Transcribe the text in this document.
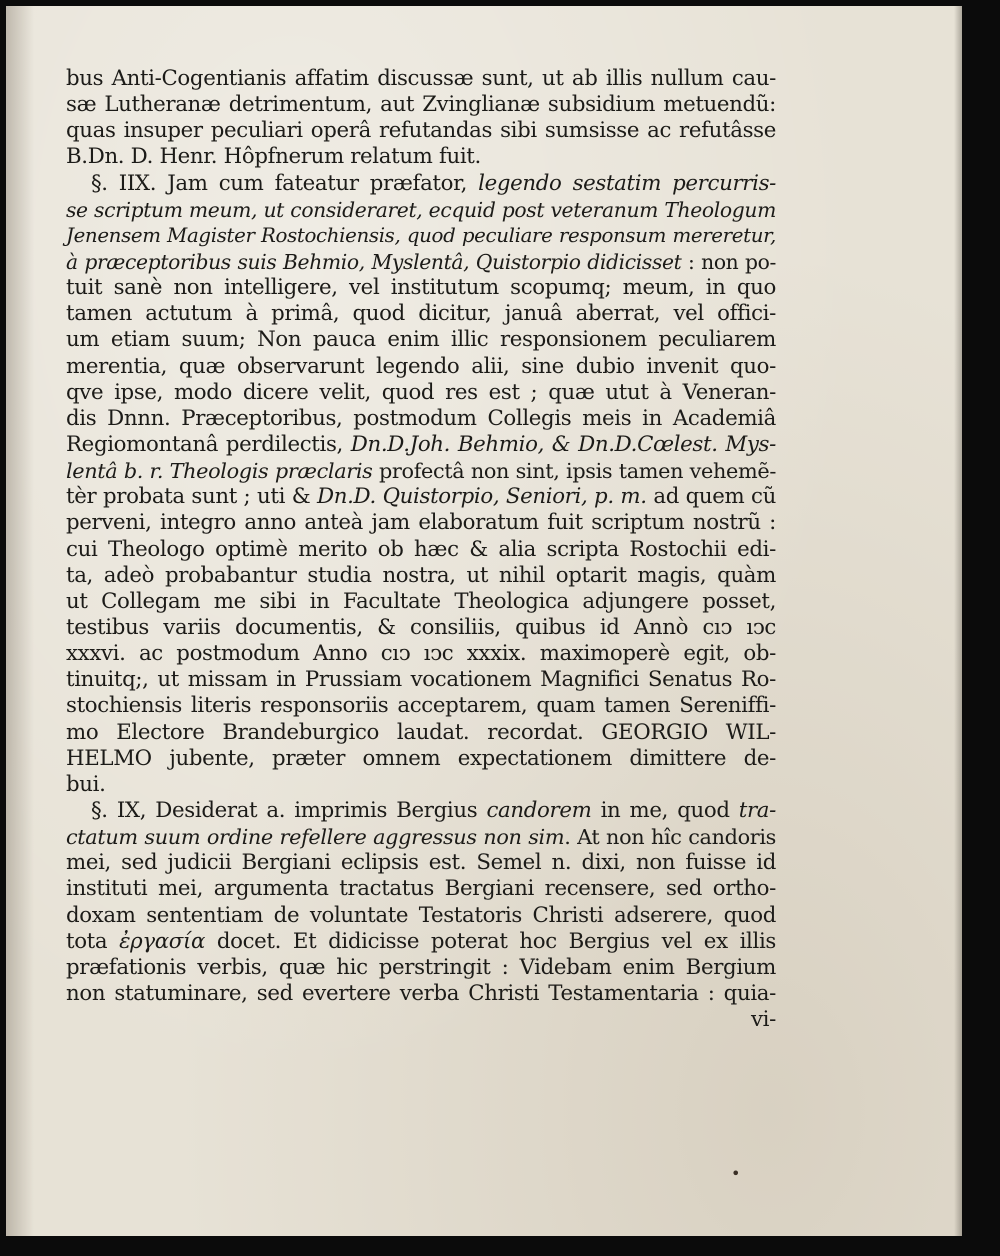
bus Anti-Cogentianis affatim discussæ sunt, ut ab illis nullum cau-
sæ Lutheranæ detrimentum, aut Zvinglianæ subsidium metuendũ:
quas insuper peculiari operâ refutandas sibi sumsisse ac refutâsse
B.Dn. D. Henr. Hôpfnerum relatum fuit.
§. IIX. Jam cum fateatur præfator, legendo sestatim percurris-
se scriptum meum, ut consideraret, ecquid post veteranum Theologum
Jenensem Magister Rostochiensis, quod peculiare responsum mereretur,
à præceptoribus suis Behmio, Myslentâ, Quistorpio didicisset : non po-
tuit sanè non intelligere, vel institutum scopumq; meum, in quo
tamen actutum à primâ, quod dicitur, januâ aberrat, vel offici-
um etiam suum; Non pauca enim illic responsionem peculiarem
merentia, quæ observarunt legendo alii, sine dubio invenit quo-
qve ipse, modo dicere velit, quod res est ; quæ utut à Veneran-
dis Dnnn. Præceptoribus, postmodum Collegis meis in Academiâ
Regiomontanâ perdilectis, Dn.D.Joh. Behmio, & Dn.D.Cœlest. Mys-
lentâ b. r. Theologis præclaris profectâ non sint, ipsis tamen vehemẽ-
tèr probata sunt ; uti & Dn.D. Quistorpio, Seniori, p. m. ad quem cũ
perveni, integro anno anteà jam elaboratum fuit scriptum nostrũ :
cui Theologo optimè merito ob hæc & alia scripta Rostochii edi-
ta, adeò probabantur studia nostra, ut nihil optarit magis, quàm
ut Collegam me sibi in Facultate Theologica adjungere posset,
testibus variis documentis, & consiliis, quibus id Annò cıↄ ıↄc
xxxvi. ac postmodum Anno cıↄ ıↄc xxxix. maximoperè egit, ob-
tinuitq;, ut missam in Prussiam vocationem Magnifici Senatus Ro-
stochiensis literis responsoriis acceptarem, quam tamen Sereniffi-
mo Electore Brandeburgico laudat. recordat. GEORGIO WIL-
HELMO jubente, præter omnem expectationem dimittere de-
bui.
§. IX, Desiderat a. imprimis Bergius candorem in me, quod tra-
ctatum suum ordine refellere aggressus non sim. At non hîc candoris
mei, sed judicii Bergiani eclipsis est. Semel n. dixi, non fuisse id
instituti mei, argumenta tractatus Bergiani recensere, sed ortho-
doxam sententiam de voluntate Testatoris Christi adserere, quod
tota ἐργασία docet. Et didicisse poterat hoc Bergius vel ex illis
præfationis verbis, quæ hic perstringit : Videbam enim Bergium
non statuminare, sed evertere verba Christi Testamentaria : quia-
vi-
•
